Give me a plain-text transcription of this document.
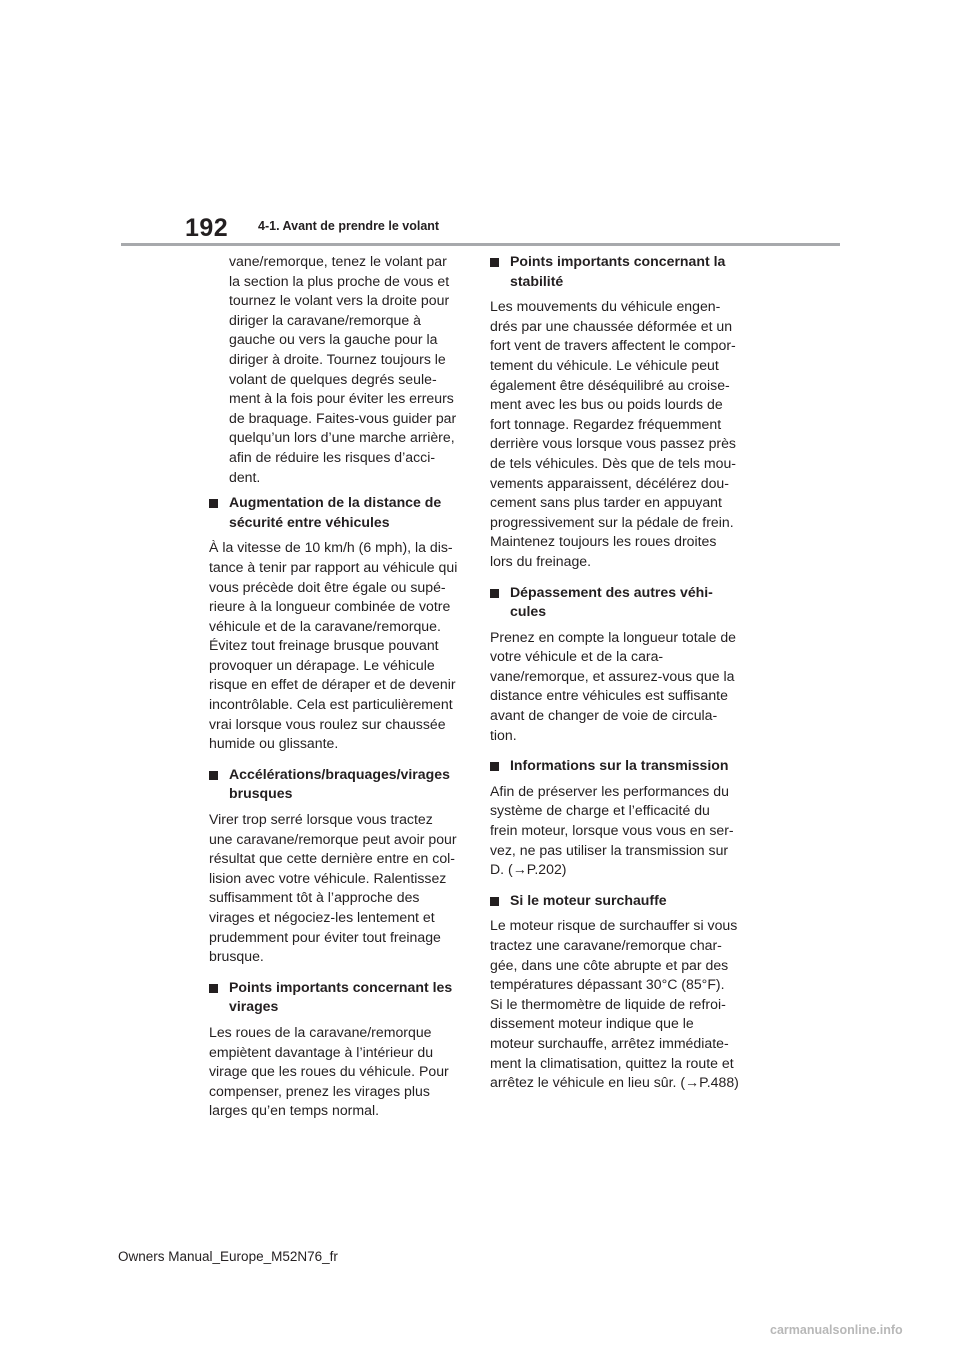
192 4-1. Avant de prendre le volant
vane/remorque, tenez le volant par
la section la plus proche de vous et
tournez le volant vers la droite pour
diriger la caravane/remorque à
gauche ou vers la gauche pour la
diriger à droite. Tournez toujours le
volant de quelques degrés seule-
ment à la fois pour éviter les erreurs
de braquage. Faites-vous guider par
quelqu’un lors d’une marche arrière,
afin de réduire les risques d’acci-
dent.
Augmentation de la distance de
sécurité entre véhicules
À la vitesse de 10 km/h (6 mph), la dis-
tance à tenir par rapport au véhicule qui
vous précède doit être égale ou supé-
rieure à la longueur combinée de votre
véhicule et de la caravane/remorque.
Évitez tout freinage brusque pouvant
provoquer un dérapage. Le véhicule
risque en effet de déraper et de devenir
incontrôlable. Cela est particulièrement
vrai lorsque vous roulez sur chaussée
humide ou glissante.
Accélérations/braquages/virages
brusques
Virer trop serré lorsque vous tractez
une caravane/remorque peut avoir pour
résultat que cette dernière entre en col-
lision avec votre véhicule. Ralentissez
suffisamment tôt à l’approche des
virages et négociez-les lentement et
prudemment pour éviter tout freinage
brusque.
Points importants concernant les
virages
Les roues de la caravane/remorque
empiètent davantage à l’intérieur du
virage que les roues du véhicule. Pour
compenser, prenez les virages plus
larges qu’en temps normal.
Points importants concernant la
stabilité
Les mouvements du véhicule engen-
drés par une chaussée déformée et un
fort vent de travers affectent le compor-
tement du véhicule. Le véhicule peut
également être déséquilibré au croise-
ment avec les bus ou poids lourds de
fort tonnage. Regardez fréquemment
derrière vous lorsque vous passez près
de tels véhicules. Dès que de tels mou-
vements apparaissent, décélérez dou-
cement sans plus tarder en appuyant
progressivement sur la pédale de frein.
Maintenez toujours les roues droites
lors du freinage.
Dépassement des autres véhi-
cules
Prenez en compte la longueur totale de
votre véhicule et de la cara-
vane/remorque, et assurez-vous que la
distance entre véhicules est suffisante
avant de changer de voie de circula-
tion.
Informations sur la transmission
Afin de préserver les performances du
système de charge et l’efficacité du
frein moteur, lorsque vous vous en ser-
vez, ne pas utiliser la transmission sur
D. (→P.202)
Si le moteur surchauffe
Le moteur risque de surchauffer si vous
tractez une caravane/remorque char-
gée, dans une côte abrupte et par des
températures dépassant 30°C (85°F).
Si le thermomètre de liquide de refroi-
dissement moteur indique que le
moteur surchauffe, arrêtez immédiate-
ment la climatisation, quittez la route et
arrêtez le véhicule en lieu sûr. (→P.488)
Owners Manual_Europe_M52N76_fr
carmanualsonline.info
